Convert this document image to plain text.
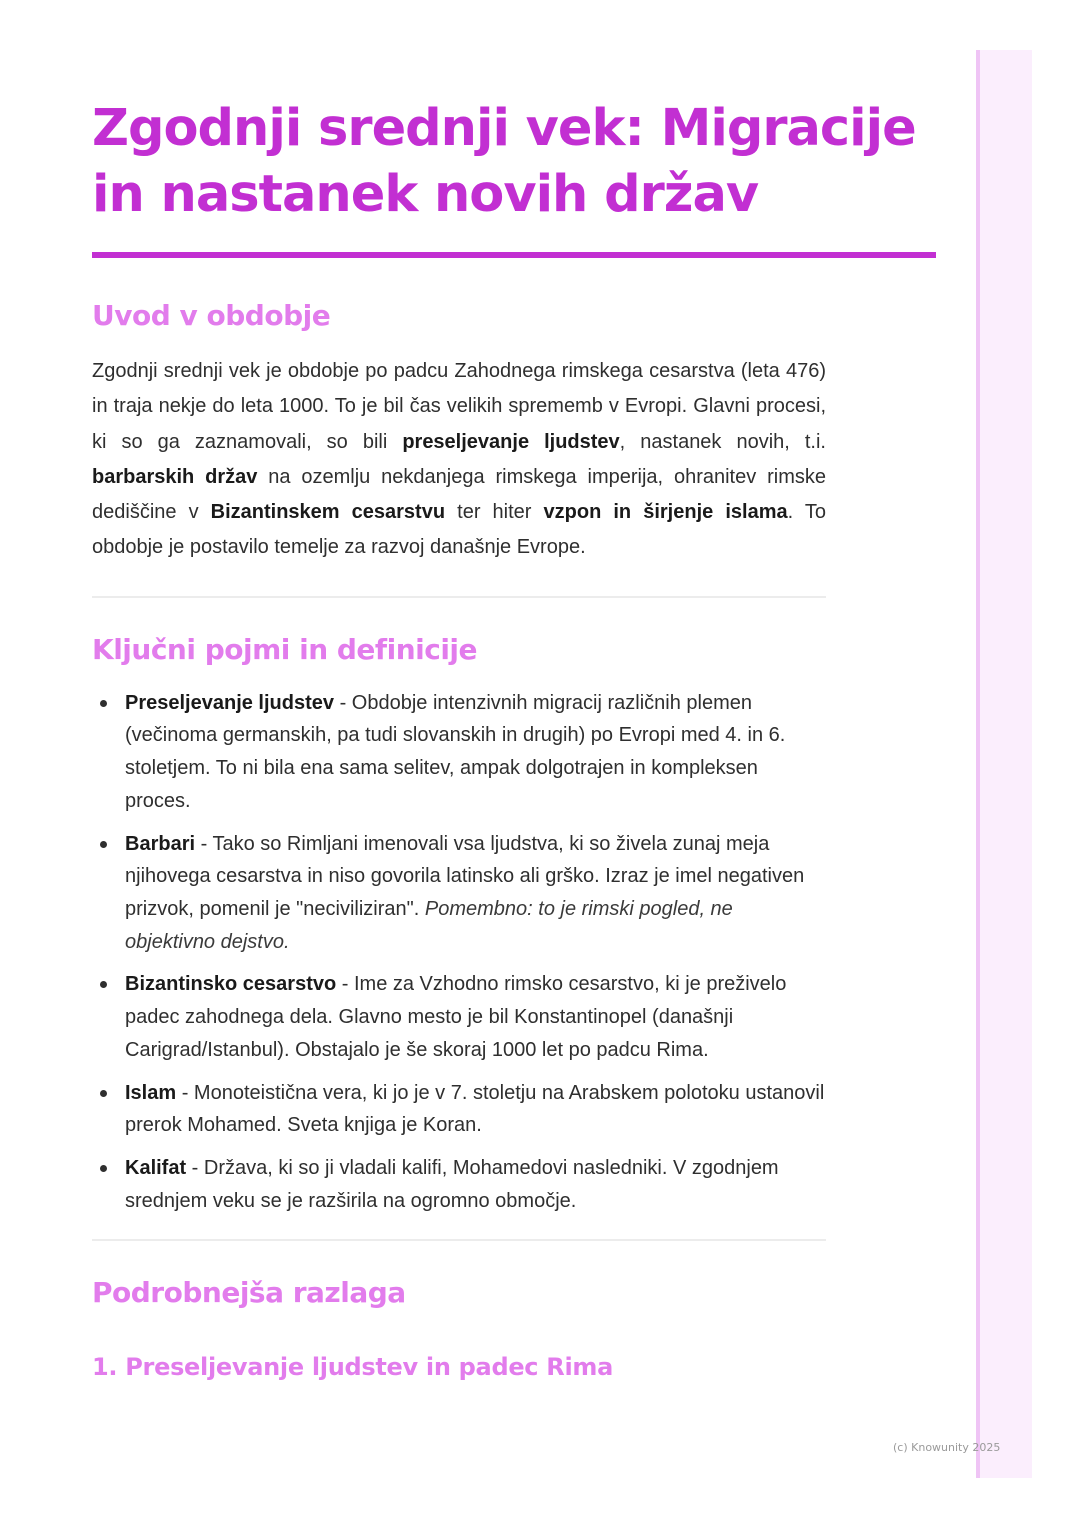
Zgodnji srednji vek: Migracije in nastanek novih držav
Uvod v obdobje

Zgodnji srednji vek je obdobje po padcu Zahodnega rimskega cesarstva (leta 476) in traja nekje do leta 1000. To je bil čas velikih sprememb v Evropi. Glavni procesi, ki so ga zaznamovali, so bili preseljevanje ljudstev, nastanek novih, t.i. barbarskih držav na ozemlju nekdanjega rimskega imperija, ohranitev rimske dediščine v Bizantinskem cesarstvu ter hiter vzpon in širjenje islama. To obdobje je postavilo temelje za razvoj današnje Evrope.

Ključni pojmi in definicije
Preseljevanje ljudstev - Obdobje intenzivnih migracij različnih plemen (večinoma germanskih, pa tudi slovanskih in drugih) po Evropi med 4. in 6. stoletjem. To ni bila ena sama selitev, ampak dolgotrajen in kompleksen proces.
Barbari - Tako so Rimljani imenovali vsa ljudstva, ki so živela zunaj meja njihovega cesarstva in niso govorila latinsko ali grško. Izraz je imel negativen prizvok, pomenil je "neciviliziran". Pomembno: to je rimski pogled, ne objektivno dejstvo.
Bizantinsko cesarstvo - Ime za Vzhodno rimsko cesarstvo, ki je preživelo padec zahodnega dela. Glavno mesto je bil Konstantinopel (današnji Carigrad/Istanbul). Obstajalo je še skoraj 1000 let po padcu Rima.
Islam - Monoteistična vera, ki jo je v 7. stoletju na Arabskem polotoku ustanovil prerok Mohamed. Sveta knjiga je Koran.
Kalifat - Država, ki so ji vladali kalifi, Mohamedovi nasledniki. V zgodnjem srednjem veku se je razširila na ogromno območje.
Podrobnejša razlaga
1. Preseljevanje ljudstev in padec Rima
(c) Knowunity 2025
